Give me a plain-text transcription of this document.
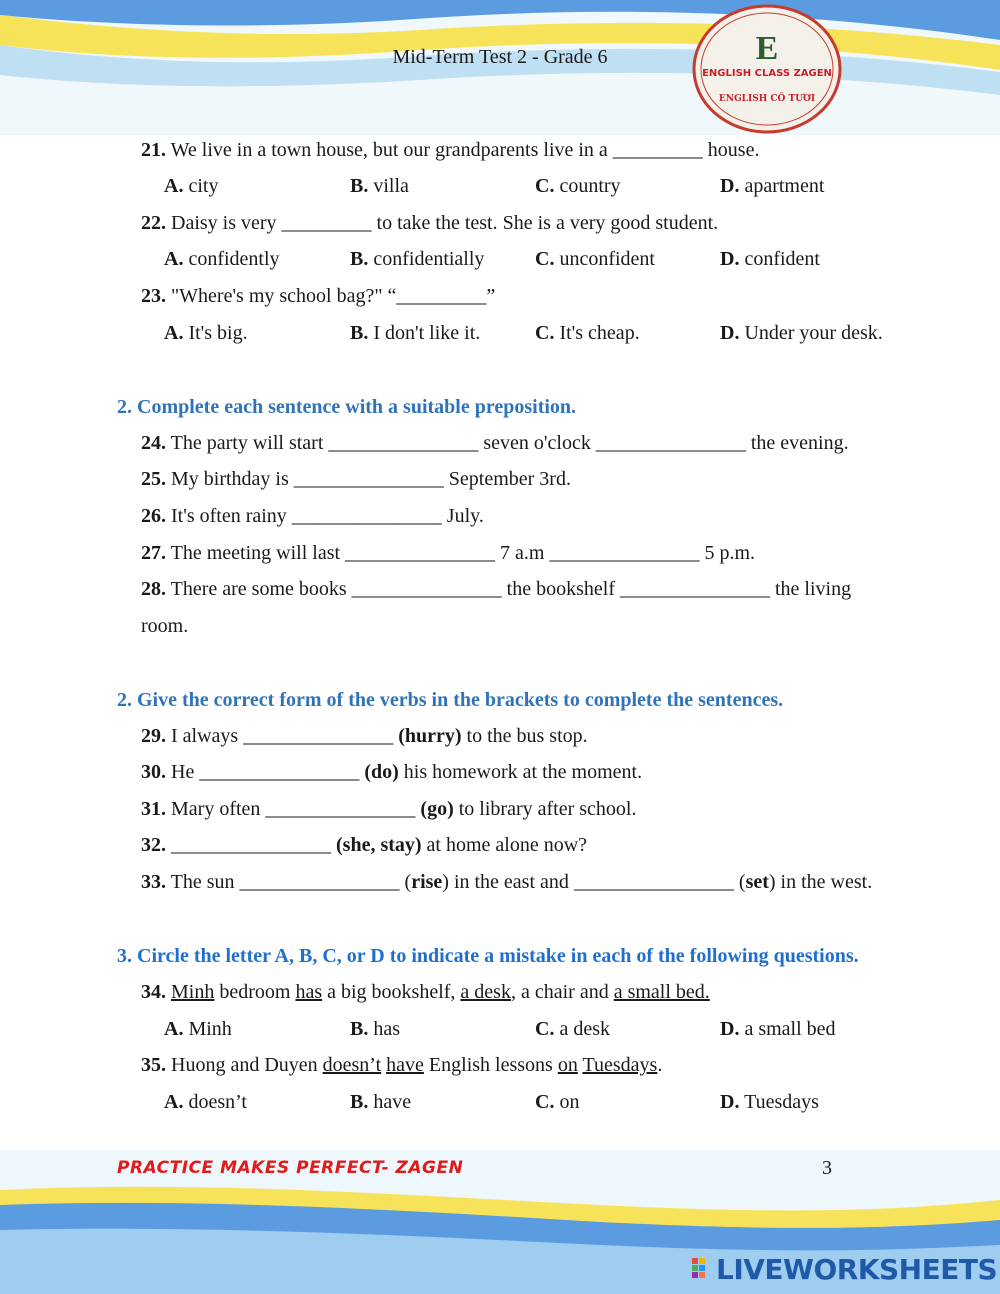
Mid-Term Test 2 - Grade 6	E
ENGLISH CLASS ZAGEN
ENGLISH CÔ TƯƠI
21. We live in a town house, but our grandparents live in a _________ house.
A. city	B. villa	C. country	D. apartment
22. Daisy is very _________ to take the test. She is a very good student.
A. confidently	B. confidentially	C. unconfident	D. confident
23. "Where's my school bag?" “_________”
A. It's big.	B. I don't like it.	C. It's cheap.	D. Under your desk.
2. Complete each sentence with a suitable preposition.
24. The party will start _______________ seven o'clock _______________ the evening.
25. My birthday is _______________ September 3rd.
26. It's often rainy _______________ July.
27. The meeting will last _______________ 7 a.m _______________ 5 p.m.
28. There are some books _______________ the bookshelf _______________ the living
room.
2. Give the correct form of the verbs in the brackets to complete the sentences.
29. I always _______________ (hurry) to the bus stop.
30. He ________________ (do) his homework at the moment.
31. Mary often _______________ (go) to library after school.
32. ________________ (she, stay) at home alone now?
33. The sun ________________ (rise) in the east and ________________ (set) in the west.
3. Circle the letter A, B, C, or D to indicate a mistake in each of the following questions.
34. Minh bedroom has a big bookshelf, a desk, a chair and a small bed.
A. Minh	B. has	C. a desk	D. a small bed
35. Huong and Duyen doesn’t have English lessons on Tuesdays.
A. doesn’t	B. have	C. on	D. Tuesdays
PRACTICE MAKES PERFECT- ZAGEN	3
LIVEWORKSHEETS
